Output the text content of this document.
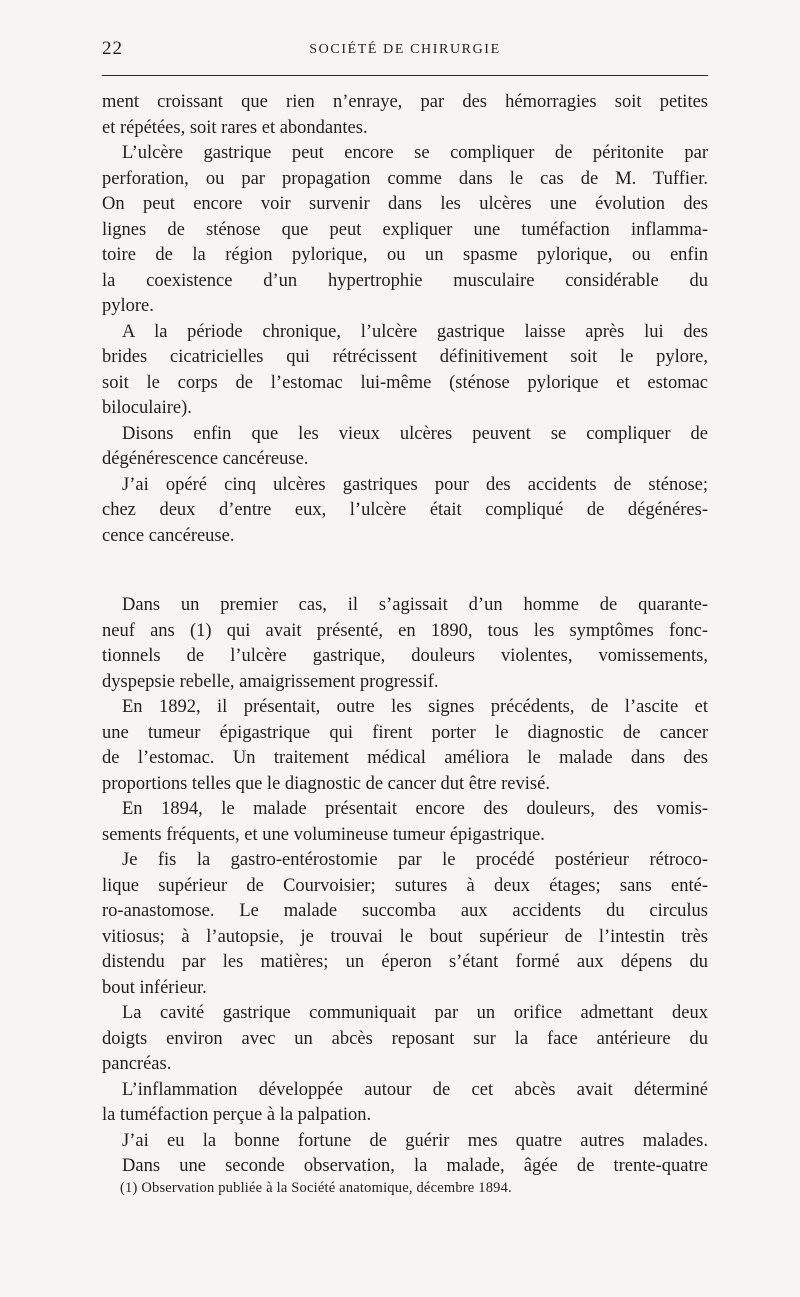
22	SOCIÉTÉ DE CHIRURGIE
ment croissant que rien n’enraye, par des hémorragies soit petites
et répétées, soit rares et abondantes.
L’ulcère gastrique peut encore se compliquer de péritonite par
perforation, ou par propagation comme dans le cas de M. Tuffier.
On peut encore voir survenir dans les ulcères une évolution des
lignes de sténose que peut expliquer une tuméfaction inflamma-
toire de la région pylorique, ou un spasme pylorique, ou enfin
la coexistence d’un hypertrophie musculaire considérable du
pylore.
A la période chronique, l’ulcère gastrique laisse après lui des
brides cicatricielles qui rétrécissent définitivement soit le pylore,
soit le corps de l’estomac lui-même (sténose pylorique et estomac
biloculaire).
Disons enfin que les vieux ulcères peuvent se compliquer de
dégénérescence cancéreuse.
J’ai opéré cinq ulcères gastriques pour des accidents de sténose;
chez deux d’entre eux, l’ulcère était compliqué de dégénéres-
cence cancéreuse.
Dans un premier cas, il s’agissait d’un homme de quarante-
neuf ans (1) qui avait présenté, en 1890, tous les symptômes fonc-
tionnels de l’ulcère gastrique, douleurs violentes, vomissements,
dyspepsie rebelle, amaigrissement progressif.
En 1892, il présentait, outre les signes précédents, de l’ascite et
une tumeur épigastrique qui firent porter le diagnostic de cancer
de l’estomac. Un traitement médical améliora le malade dans des
proportions telles que le diagnostic de cancer dut être revisé.
En 1894, le malade présentait encore des douleurs, des vomis-
sements fréquents, et une volumineuse tumeur épigastrique.
Je fis la gastro-entérostomie par le procédé postérieur rétroco-
lique supérieur de Courvoisier; sutures à deux étages; sans enté-
ro-anastomose. Le malade succomba aux accidents du circulus
vitiosus; à l’autopsie, je trouvai le bout supérieur de l’intestin très
distendu par les matières; un éperon s’étant formé aux dépens du
bout inférieur.
La cavité gastrique communiquait par un orifice admettant deux
doigts environ avec un abcès reposant sur la face antérieure du
pancréas.
L’inflammation développée autour de cet abcès avait déterminé
la tuméfaction perçue à la palpation.
J’ai eu la bonne fortune de guérir mes quatre autres malades.
Dans une seconde observation, la malade, âgée de trente-quatre
(1) Observation publiée à la Société anatomique, décembre 1894.
